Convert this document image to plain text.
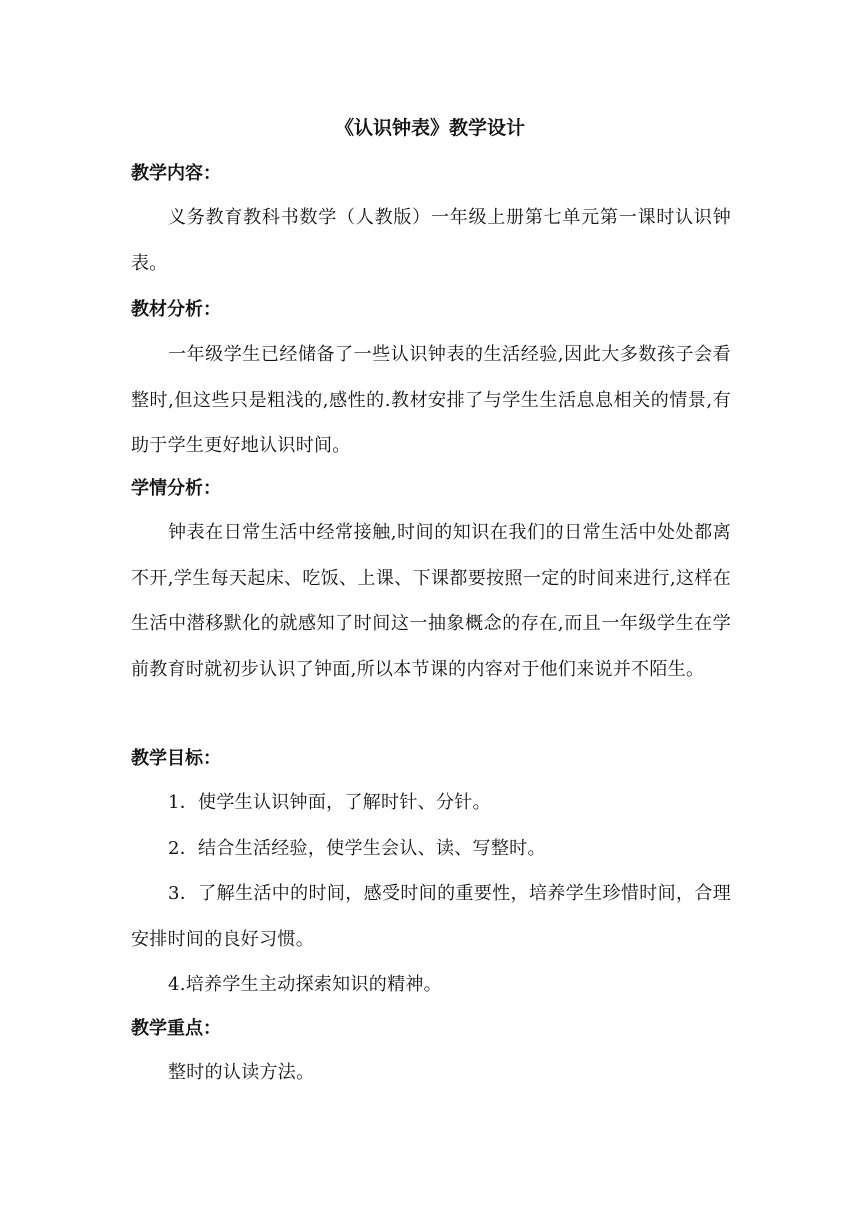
《认识钟表》教学设计
教学内容：
义务教育教科书数学（人教版）一年级上册第七单元第一课时认识钟表。
教材分析：
一年级学生已经储备了一些认识钟表的生活经验,因此大多数孩子会看整时,但这些只是粗浅的,感性的.教材安排了与学生生活息息相关的情景,有助于学生更好地认识时间。
学情分析：
钟表在日常生活中经常接触,时间的知识在我们的日常生活中处处都离不开,学生每天起床、吃饭、上课、下课都要按照一定的时间来进行,这样在生活中潜移默化的就感知了时间这一抽象概念的存在,而且一年级学生在学前教育时就初步认识了钟面,所以本节课的内容对于他们来说并不陌生。
教学目标：
1．使学生认识钟面，了解时针、分针。
2．结合生活经验，使学生会认、读、写整时。
3．了解生活中的时间，感受时间的重要性，培养学生珍惜时间，合理安排时间的良好习惯。
4.培养学生主动探索知识的精神。
教学重点：
整时的认读方法。
